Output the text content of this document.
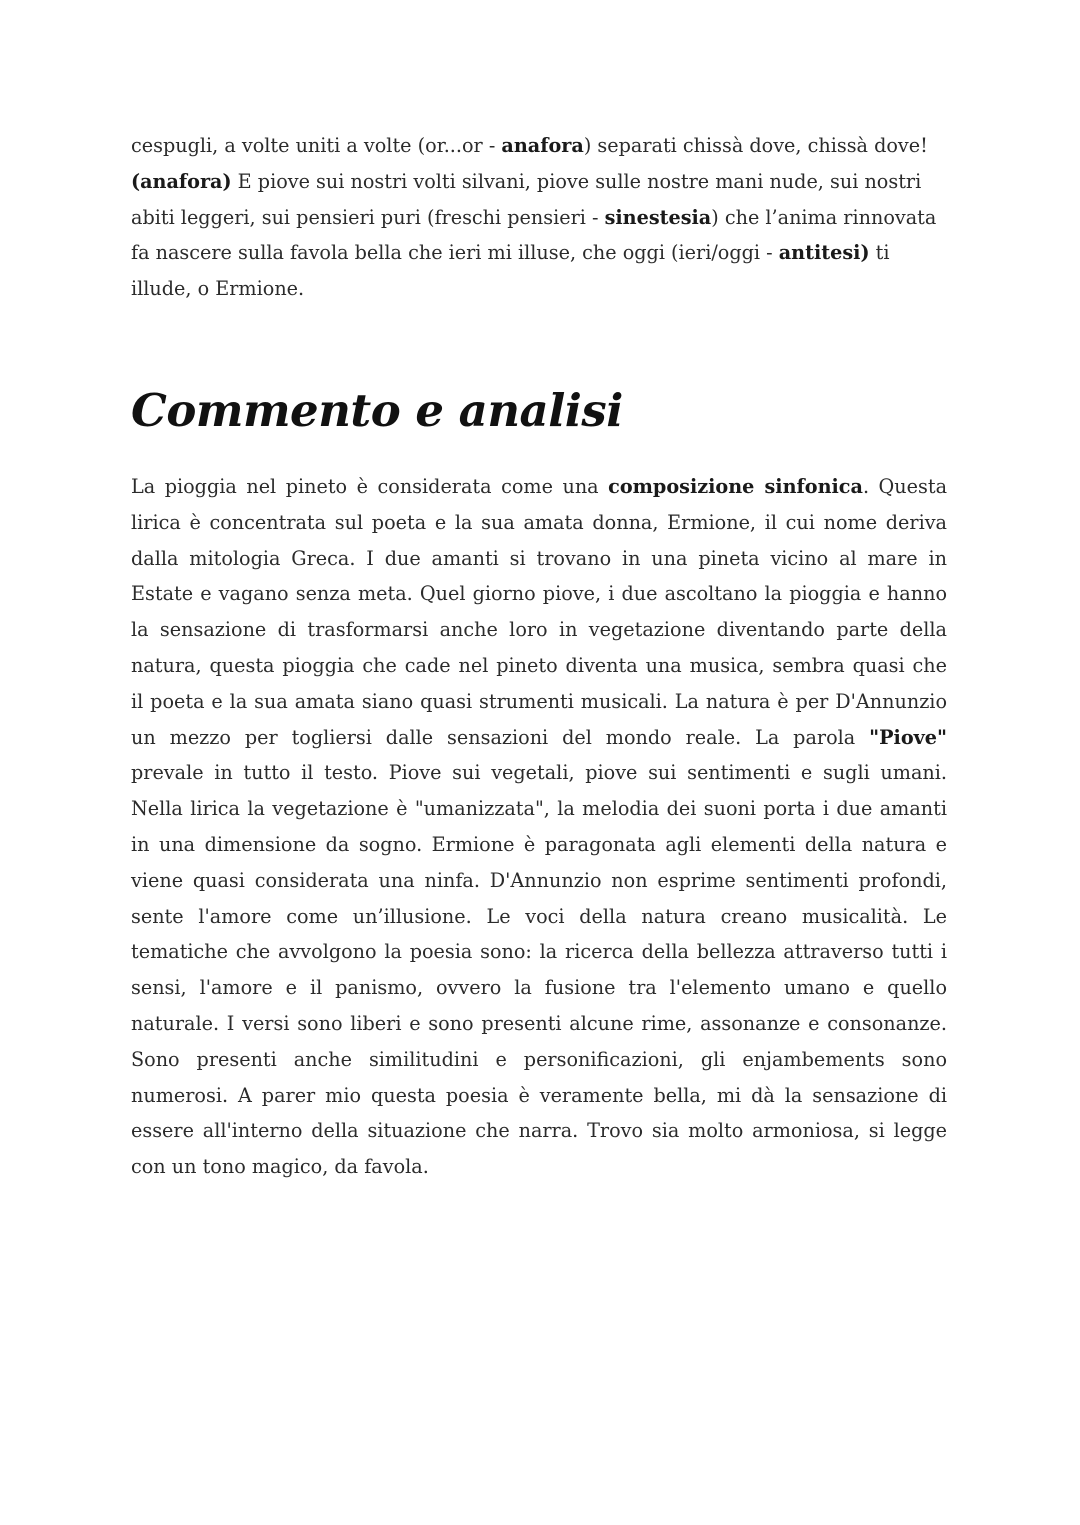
cespugli, a volte uniti a volte (or...or - anafora) separati chissà dove, chissà dove!
(anafora) E piove sui nostri volti silvani, piove sulle nostre mani nude, sui nostri
abiti leggeri, sui pensieri puri (freschi pensieri - sinestesia) che l’anima rinnovata
fa nascere sulla favola bella che ieri mi illuse, che oggi (ieri/oggi - antitesi) ti
illude, o Ermione.
Commento e analisi
La pioggia nel pineto è considerata come una composizione sinfonica. Questa
lirica è concentrata sul poeta e la sua amata donna, Ermione, il cui nome deriva
dalla mitologia Greca. I due amanti si trovano in una pineta vicino al mare in
Estate e vagano senza meta. Quel giorno piove, i due ascoltano la pioggia e hanno
la sensazione di trasformarsi anche loro in vegetazione diventando parte della
natura, questa pioggia che cade nel pineto diventa una musica, sembra quasi che
il poeta e la sua amata siano quasi strumenti musicali. La natura è per D'Annunzio
un mezzo per togliersi dalle sensazioni del mondo reale. La parola "Piove"
prevale in tutto il testo. Piove sui vegetali, piove sui sentimenti e sugli umani.
Nella lirica la vegetazione è "umanizzata", la melodia dei suoni porta i due amanti
in una dimensione da sogno. Ermione è paragonata agli elementi della natura e
viene quasi considerata una ninfa. D'Annunzio non esprime sentimenti profondi,
sente l'amore come un’illusione. Le voci della natura creano musicalità. Le
tematiche che avvolgono la poesia sono: la ricerca della bellezza attraverso tutti i
sensi, l'amore e il panismo, ovvero la fusione tra l'elemento umano e quello
naturale. I versi sono liberi e sono presenti alcune rime, assonanze e consonanze.
Sono presenti anche similitudini e personificazioni, gli enjambements sono
numerosi. A parer mio questa poesia è veramente bella, mi dà la sensazione di
essere all'interno della situazione che narra. Trovo sia molto armoniosa, si legge
con un tono magico, da favola.
